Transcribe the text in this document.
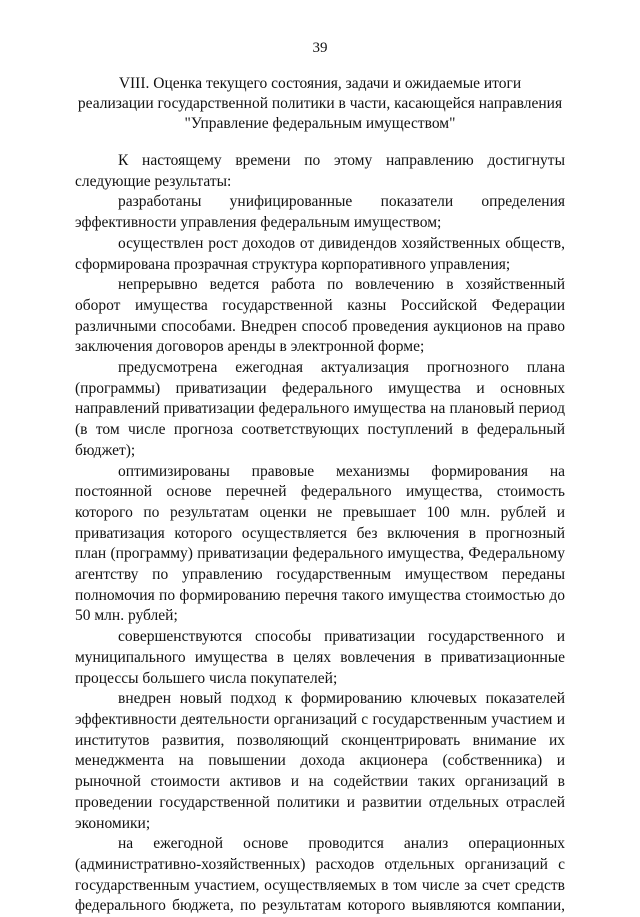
39
VIII. Оценка текущего состояния, задачи и ожидаемые итоги
реализации государственной политики в части, касающейся направления
"Управление федеральным имуществом"

К настоящему времени по этому направлению достигнуты следующие результаты:

разработаны унифицированные показатели определения эффективности управления федеральным имуществом;

осуществлен рост доходов от дивидендов хозяйственных обществ, сформирована прозрачная структура корпоративного управления;

непрерывно ведется работа по вовлечению в хозяйственный оборот имущества государственной казны Российской Федерации различными способами. Внедрен способ проведения аукционов на право заключения договоров аренды в электронной форме;

предусмотрена ежегодная актуализация прогнозного плана (программы) приватизации федерального имущества и основных направлений приватизации федерального имущества на плановый период (в том числе прогноза соответствующих поступлений в федеральный бюджет);

оптимизированы правовые механизмы формирования на постоянной основе перечней федерального имущества, стоимость которого по результатам оценки не превышает 100 млн. рублей и приватизация которого осуществляется без включения в прогнозный план (программу) приватизации федерального имущества, Федеральному агентству по управлению государственным имуществом переданы полномочия по формированию перечня такого имущества стоимостью до 50 млн. рублей;

совершенствуются способы приватизации государственного и муниципального имущества в целях вовлечения в приватизационные процессы большего числа покупателей;

внедрен новый подход к формированию ключевых показателей эффективности деятельности организаций с государственным участием и институтов развития, позволяющий сконцентрировать внимание их менеджмента на повышении дохода акционера (собственника) и рыночной стоимости активов и на содействии таких организаций в проведении государственной политики и развитии отдельных отраслей экономики;

на ежегодной основе проводится анализ операционных (административно-хозяйственных) расходов отдельных организаций с государственным участием, осуществляемых в том числе за счет средств федерального бюджета, по результатам которого выявляются компании,
